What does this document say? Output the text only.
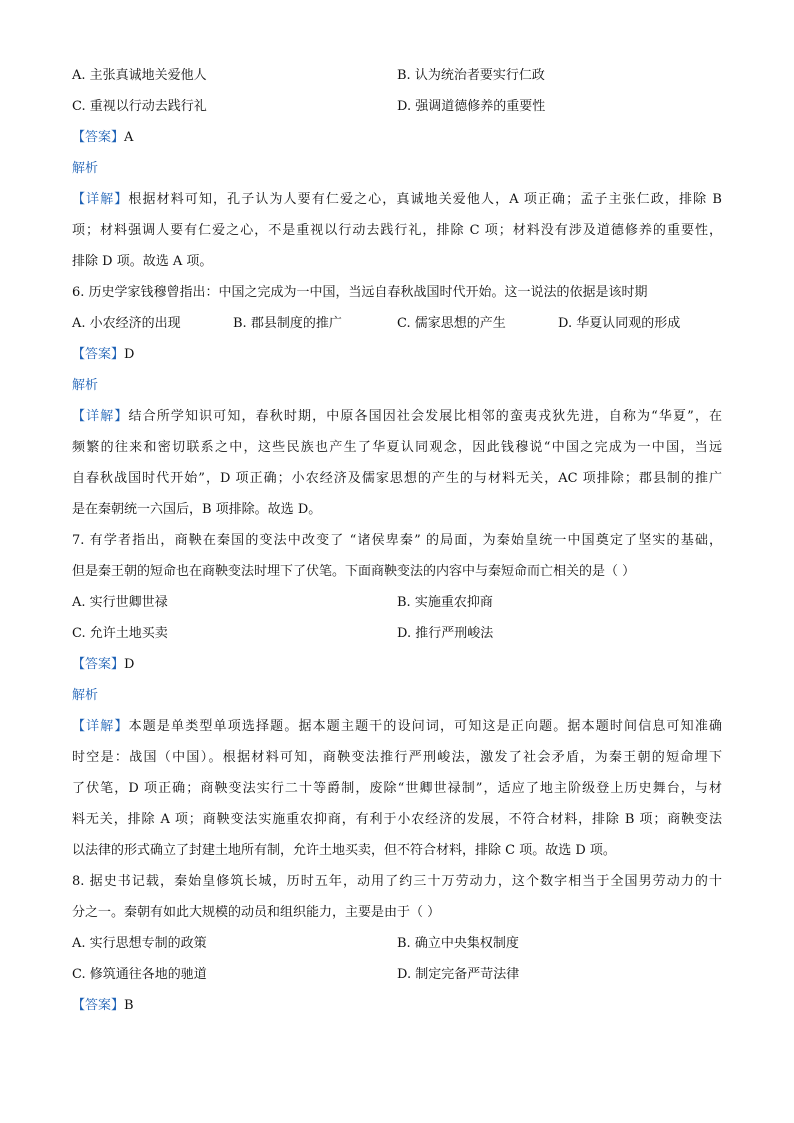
A. 主张真诚地关爱他人	B. 认为统治者要实行仁政
C. 重视以行动去践行礼	D. 强调道德修养的重要性
【答案】A
解析
【详解】根据材料可知，孔子认为人要有仁爱之心，真诚地关爱他人，A 项正确；孟子主张仁政，排除 B
项；材料强调人要有仁爱之心，不是重视以行动去践行礼，排除 C 项；材料没有涉及道德修养的重要性，
排除 D 项。故选 A 项。
6. 历史学家钱穆曾指出：中国之完成为一中国，当远自春秋战国时代开始。这一说法的依据是该时期
A. 小农经济的出现	B. 郡县制度的推广	C. 儒家思想的产生	D. 华夏认同观的形成
【答案】D
解析
【详解】结合所学知识可知，春秋时期，中原各国因社会发展比相邻的蛮夷戎狄先进，自称为“华夏”，在
频繁的往来和密切联系之中，这些民族也产生了华夏认同观念，因此钱穆说“中国之完成为一中国，当远
自春秋战国时代开始”，D 项正确；小农经济及儒家思想的产生的与材料无关，AC 项排除；郡县制的推广
是在秦朝统一六国后，B 项排除。故选 D。
7. 有学者指出，商鞅在秦国的变法中改变了 “诸侯卑秦” 的局面，为秦始皇统一中国奠定了坚实的基础，
但是秦王朝的短命也在商鞅变法时埋下了伏笔。下面商鞅变法的内容中与秦短命而亡相关的是（ ）
A. 实行世卿世禄	B. 实施重农抑商
C. 允许土地买卖	D. 推行严刑峻法
【答案】D
解析
【详解】本题是单类型单项选择题。据本题主题干的设问词，可知这是正向题。据本题时间信息可知准确
时空是：战国（中国）。根据材料可知，商鞅变法推行严刑峻法，激发了社会矛盾，为秦王朝的短命埋下
了伏笔，D 项正确；商鞅变法实行二十等爵制，废除“世卿世禄制”，适应了地主阶级登上历史舞台，与材
料无关，排除 A 项；商鞅变法实施重农抑商，有利于小农经济的发展，不符合材料，排除 B 项；商鞅变法
以法律的形式确立了封建土地所有制，允许土地买卖，但不符合材料，排除 C 项。故选 D 项。
8. 据史书记载，秦始皇修筑长城，历时五年，动用了约三十万劳动力，这个数字相当于全国男劳动力的十
分之一。秦朝有如此大规模的动员和组织能力，主要是由于（ ）
A. 实行思想专制的政策	B. 确立中央集权制度
C. 修筑通往各地的驰道	D. 制定完备严苛法律
【答案】B
